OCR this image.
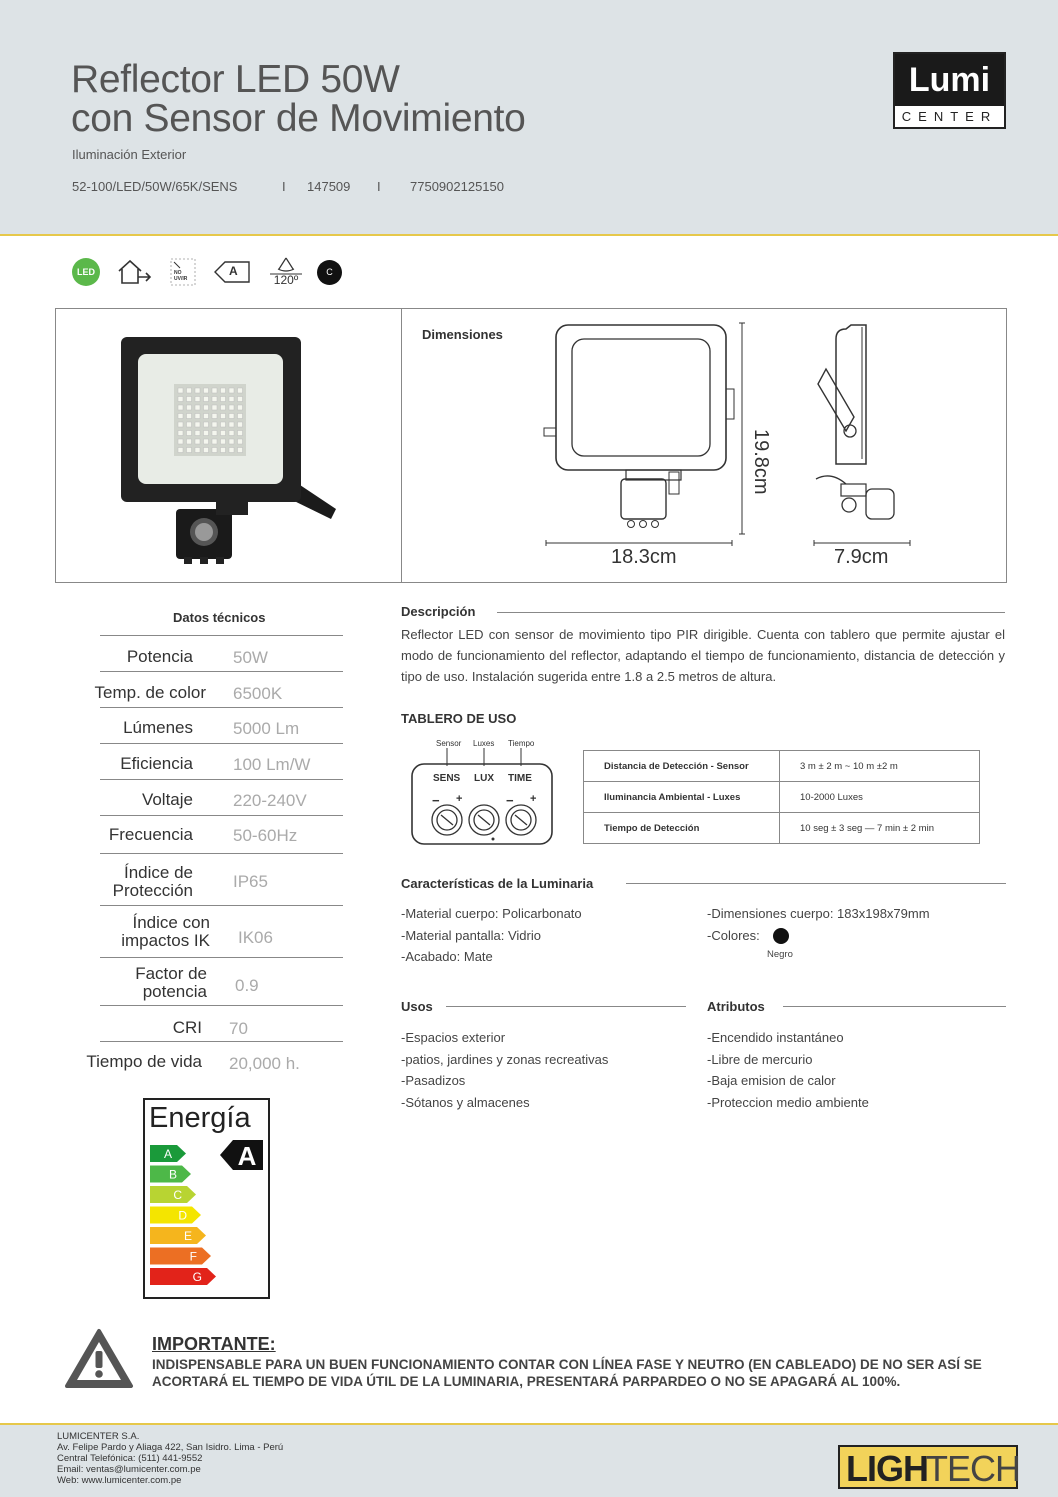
Reflector LED 50W
con Sensor de Movimiento
Iluminación Exterior
52-100/LED/50W/65K/SENS	I	147509	I	7750902125150
Lumi
CENTER
LED	NO UV/IR
A
120º
C
Dimensiones
18.3cm
19.8cm
7.9cm
Datos técnicos
Potencia 50W
Temp. de color 6500K
Lúmenes 5000 Lm
Eficiencia 100 Lm/W
Voltaje 220-240V
Frecuencia 50-60Hz
Índice de Protección IP65
Índice con impactos IK IK06
Factor de potencia 0.9
CRI 70
Tiempo de vida 20,000 h.
Energía
A
B
C
D
E
F
G
A
Descripción
Reflector LED con sensor de movimiento tipo PIR dirigible. Cuenta con tablero que permite ajustar el modo de funcionamiento del reflector, adaptando el tiempo de funcionamiento, distancia de detección y tipo de uso. Instalación sugerida entre 1.8 a 2.5 metros de altura.
TABLERO DE USO
Sensor Luxes Tiempo
SENS LUX TIME
− +	− +
Distancia de Detección - Sensor	3 m ± 2 m ~ 10 m ±2 m
Iluminancia Ambiental - Luxes	10-2000 Luxes
Tiempo de Detección	10 seg ± 3 seg — 7 min ± 2 min
Características de la Luminaria
-Material cuerpo: Policarbonato
-Material pantalla: Vidrio
-Acabado: Mate
-Dimensiones cuerpo: 183x198x79mm
-Colores:
Negro
Usos
-Espacios exterior
-patios, jardines y zonas recreativas
-Pasadizos
-Sótanos y almacenes
Atributos
-Encendido instantáneo
-Libre de mercurio
-Baja emision de calor
-Proteccion medio ambiente
IMPORTANTE:
INDISPENSABLE PARA UN BUEN FUNCIONAMIENTO CONTAR CON LÍNEA FASE Y NEUTRO (EN CABLEADO) DE NO SER ASÍ SE ACORTARÁ EL TIEMPO DE VIDA ÚTIL DE LA LUMINARIA, PRESENTARÁ PARPARDEO O NO SE APAGARÁ AL 100%.
LUMICENTER S.A.
Av. Felipe Pardo y Aliaga 422, San Isidro. Lima - Perú
Central Telefónica: (511) 441-9552
Email: ventas@lumicenter.com.pe
Web: www.lumicenter.com.pe	LIGH
TECH
